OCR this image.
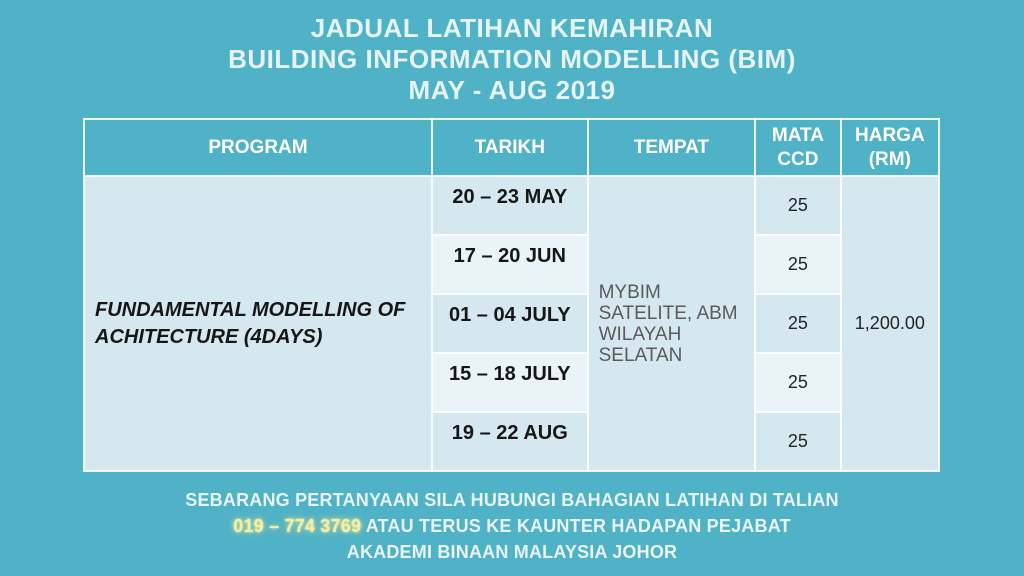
JADUAL LATIHAN KEMAHIRAN
BUILDING INFORMATION MODELLING (BIM)
MAY - AUG 2019
PROGRAM	TARIKH	TEMPAT	MATA CCD	HARGA (RM)
FUNDAMENTAL MODELLING OF ACHITECTURE (4DAYS)	20 – 23 MAY	MYBIM SATELITE, ABM WILAYAH SELATAN	25	1,200.00
	17 – 20 JUN		25	
	01 – 04 JULY		25	
	15 – 18 JULY		25	
	19 – 22 AUG		25	
SEBARANG PERTANYAAN SILA HUBUNGI BAHAGIAN LATIHAN DI TALIAN
019 – 774 3769 ATAU TERUS KE KAUNTER HADAPAN PEJABAT
AKADEMI BINAAN MALAYSIA JOHOR
